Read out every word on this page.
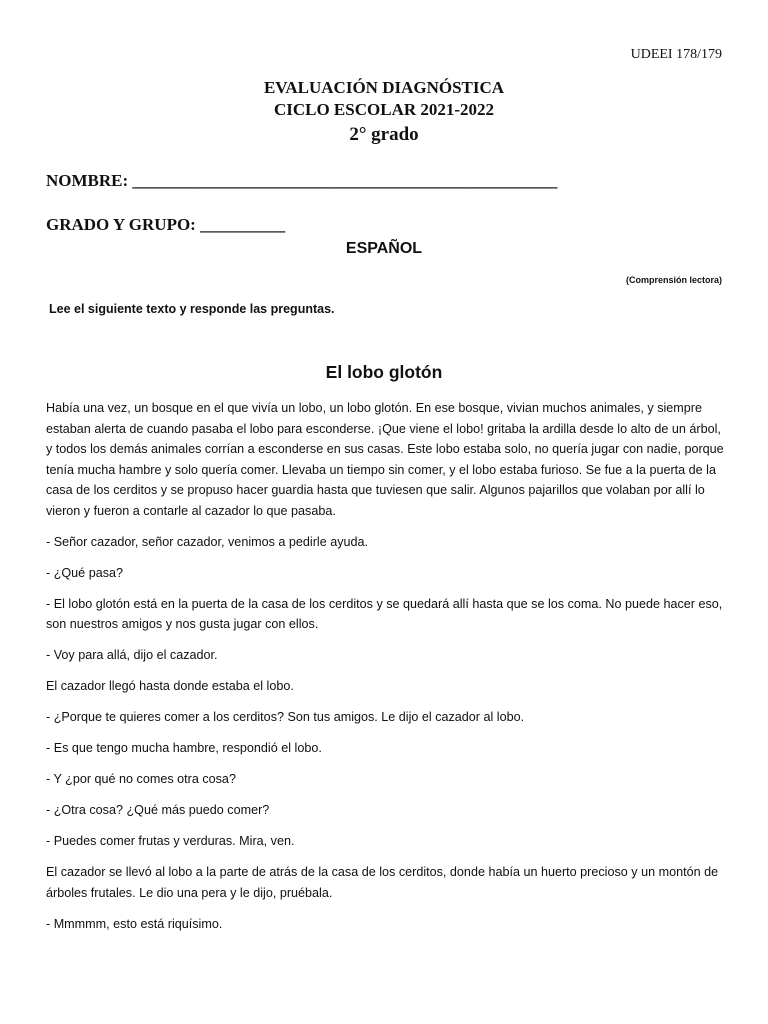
UDEEI 178/179
EVALUACIÓN DIAGNÓSTICA
CICLO ESCOLAR 2021-2022
2° grado
NOMBRE: __________________________________________________
GRADO Y GRUPO: __________
ESPAÑOL
(Comprensión lectora)
Lee el siguiente texto y responde las preguntas.
El lobo glotón

Había una vez, un bosque en el que vivía un lobo, un lobo glotón. En ese bosque, vivian muchos animales, y siempre estaban alerta de cuando pasaba el lobo para esconderse. ¡Que viene el lobo! gritaba la ardilla desde lo alto de un árbol, y todos los demás animales corrían a esconderse en sus casas. Este lobo estaba solo, no quería jugar con nadie, porque tenía mucha hambre y solo quería comer. Llevaba un tiempo sin comer, y el lobo estaba furioso. Se fue a la puerta de la casa de los cerditos y se propuso hacer guardia hasta que tuviesen que salir. Algunos pajarillos que volaban por allí lo vieron y fueron a contarle al cazador lo que pasaba.

- Señor cazador, señor cazador, venimos a pedirle ayuda.

- ¿Qué pasa?

- El lobo glotón está en la puerta de la casa de los cerditos y se quedará allí hasta que se los coma. No puede hacer eso, son nuestros amigos y nos gusta jugar con ellos.

- Voy para allá, dijo el cazador.

El cazador llegó hasta donde estaba el lobo.

- ¿Porque te quieres comer a los cerditos? Son tus amigos. Le dijo el cazador al lobo.

- Es que tengo mucha hambre, respondió el lobo.

- Y ¿por qué no comes otra cosa?

- ¿Otra cosa? ¿Qué más puedo comer?

- Puedes comer frutas y verduras. Mira, ven.

El cazador se llevó al lobo a la parte de atrás de la casa de los cerditos, donde había un huerto precioso y un montón de árboles frutales. Le dio una pera y le dijo, pruébala.

- Mmmmm, esto está riquísimo.
